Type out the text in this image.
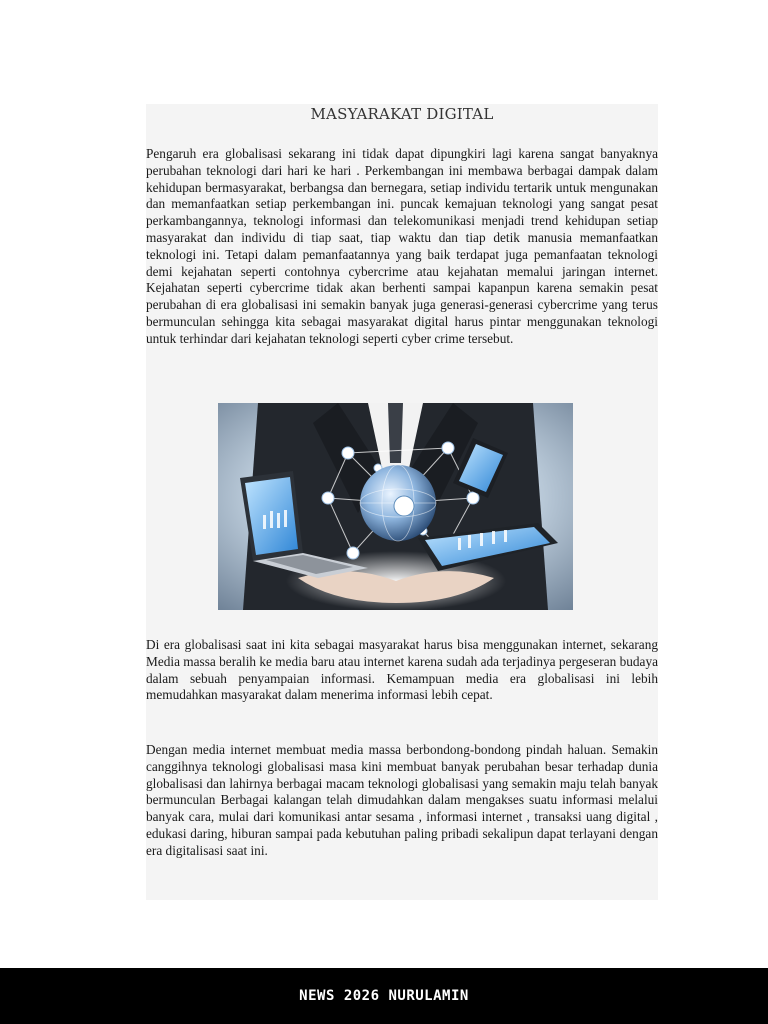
MASYARAKAT DIGITAL

Pengaruh era globalisasi sekarang ini tidak dapat dipungkiri lagi karena sangat banyaknya perubahan teknologi dari hari ke hari . Perkembangan ini membawa berbagai dampak dalam kehidupan bermasyarakat, berbangsa dan bernegara, setiap individu tertarik untuk mengunakan dan memanfaatkan setiap perkembangan ini. puncak kemajuan teknologi yang sangat pesat perkambangannya, teknologi informasi dan telekomunikasi menjadi trend kehidupan setiap masyarakat dan individu di tiap saat, tiap waktu dan tiap detik manusia memanfaatkan teknologi ini. Tetapi dalam pemanfaatannya yang baik terdapat juga pemanfaatan teknologi demi kejahatan seperti contohnya cybercrime atau kejahatan memalui jaringan internet. Kejahatan seperti cybercrime tidak akan berhenti sampai kapanpun karena semakin pesat perubahan di era globalisasi ini semakin banyak juga generasi-generasi cybercrime yang terus bermunculan sehingga kita sebagai masyarakat digital harus pintar menggunakan teknologi untuk terhindar dari kejahatan teknologi seperti cyber crime tersebut.

Di era globalisasi saat ini kita sebagai masyarakat harus bisa menggunakan internet, sekarang Media massa beralih ke media baru atau internet karena sudah ada terjadinya pergeseran budaya dalam sebuah penyampaian informasi. Kemampuan media era globalisasi ini lebih memudahkan masyarakat dalam menerima informasi lebih cepat.

Dengan media internet membuat media massa berbondong-bondong pindah haluan. Semakin canggihnya teknologi globalisasi masa kini membuat banyak perubahan besar terhadap dunia globalisasi dan lahirnya berbagai macam teknologi globalisasi yang semakin maju telah banyak bermunculan Berbagai kalangan telah dimudahkan dalam mengakses suatu informasi melalui banyak cara, mulai dari komunikasi antar sesama , informasi internet , transaksi uang digital , edukasi daring, hiburan sampai pada kebutuhan paling pribadi sekalipun dapat terlayani dengan era digitalisasi saat ini.

NEWS 2026 NURULAMIN
